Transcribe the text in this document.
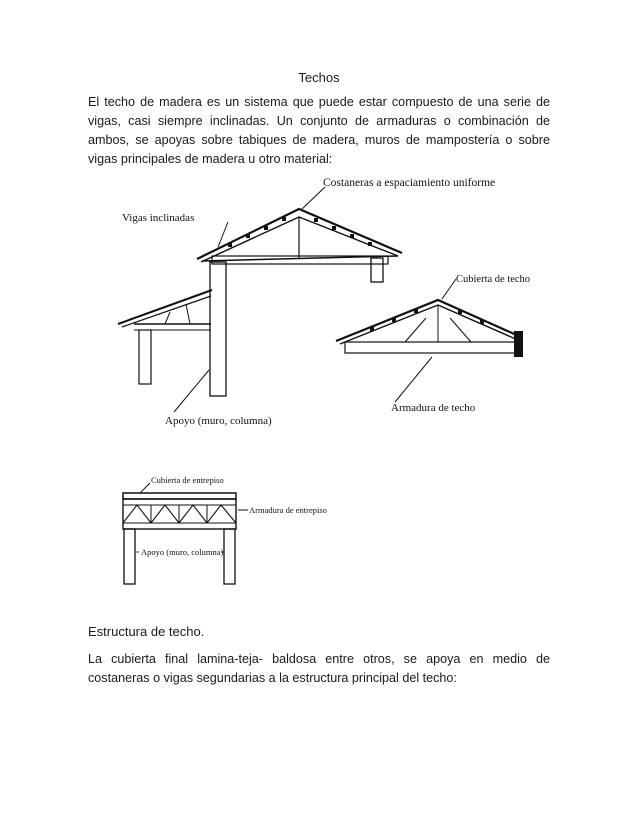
Techos

El techo de madera es un sistema que puede estar compuesto de una serie de vigas, casi siempre inclinadas. Un conjunto de armaduras o combinación de ambos, se apoyas sobre tabiques de madera, muros de mampostería o sobre vigas principales de madera u otro material:

Costaneras a espaciamiento uniforme
Vigas inclinadas
Cubierta de techo
Apoyo (muro, columna)
Armadura de techo
Cubierta de entrepiso
Armadura de entrepiso
Apoyo (muro, columna)
Estructura de techo.

La cubierta final lamina-teja- baldosa entre otros, se apoya en medio de costaneras o vigas segundarias a la estructura principal del techo:
